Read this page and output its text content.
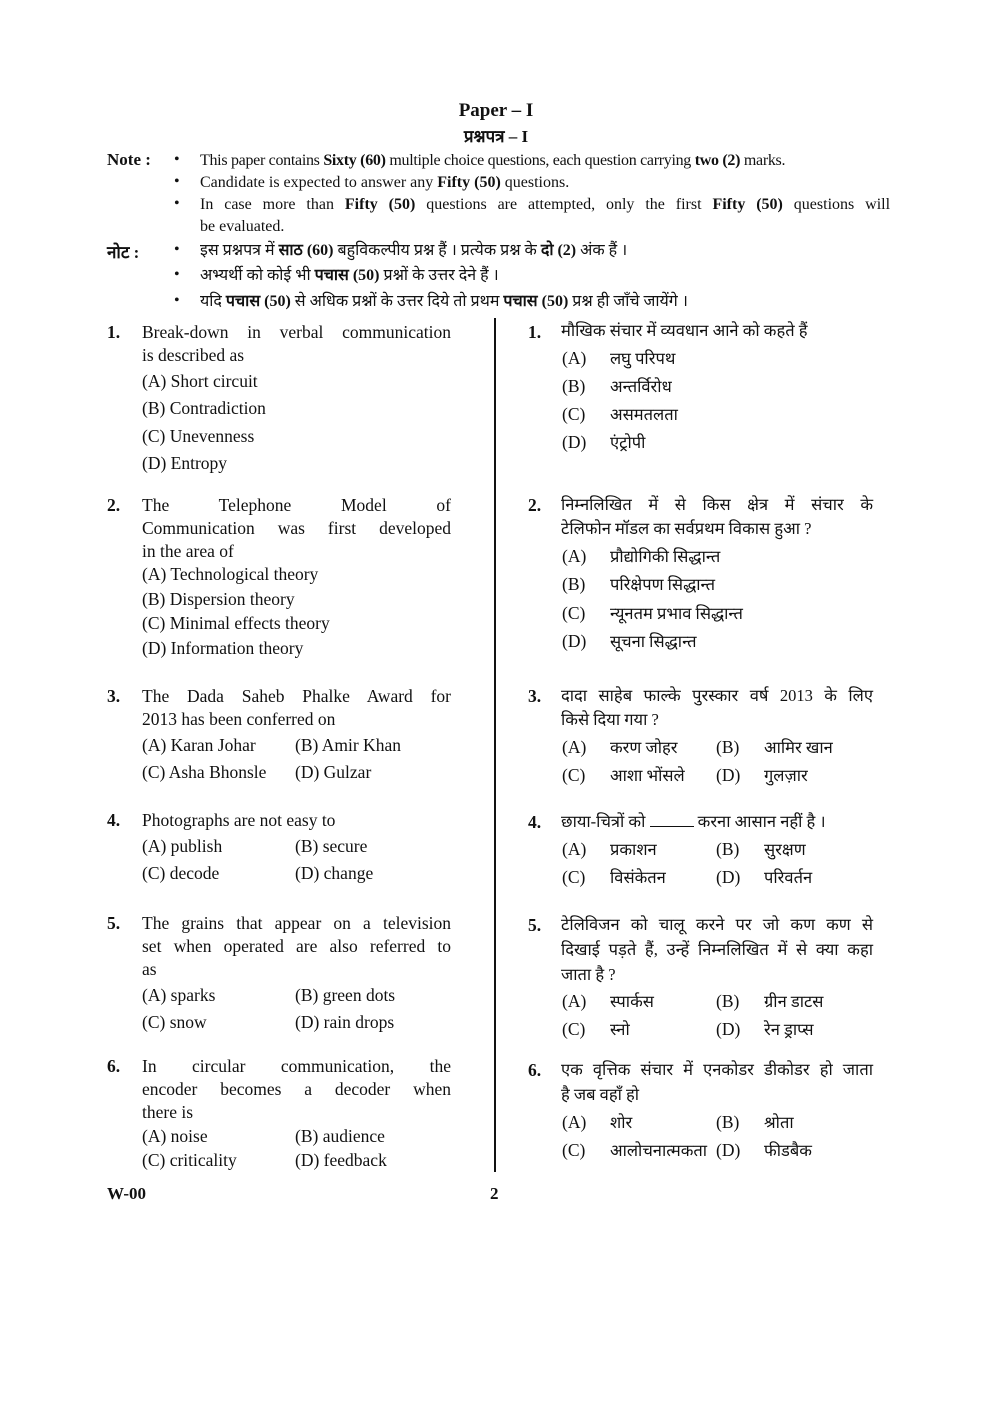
Paper – I
प्रश्नपत्र – I
Note : • This paper contains Sixty (60) multiple choice questions, each question carrying two (2) marks.
• Candidate is expected to answer any Fifty (50) questions.
• In case more than Fifty (50) questions are attempted, only the first Fifty (50) questions will
be evaluated.
नोट : • इस प्रश्नपत्र में साठ (60) बहुविकल्पीय प्रश्न हैं । प्रत्येक प्रश्न के दो (2) अंक हैं ।
• अभ्यर्थी को कोई भी पचास (50) प्रश्नों के उत्तर देने हैं ।
• यदि पचास (50) से अधिक प्रश्नों के उत्तर दिये तो प्रथम पचास (50) प्रश्न ही जाँचे जायेंगे ।
1. Break-down in verbal communication
is described as
(A) Short circuit
(B) Contradiction
(C) Unevenness
(D) Entropy
2. The Telephone Model of
Communication was first developed
in the area of
(A) Technological theory
(B) Dispersion theory
(C) Minimal effects theory
(D) Information theory
3. The Dada Saheb Phalke Award for
2013 has been conferred on
(A) Karan Johar (B) Amir Khan
(C) Asha Bhonsle (D) Gulzar
4. Photographs are not easy to
(A) publish	(B) secure
(C) decode	(D) change
5. The grains that appear on a television
set when operated are also referred to
as
(A) sparks	(B) green dots
(C) snow	(D) rain drops
6. In circular communication, the
encoder becomes a decoder when
there is
(A) noise	(B) audience
(C) criticality	(D) feedback
1. मौखिक संचार में व्यवधान आने को कहते हैं
(A) लघु परिपथ
(B) अन्तर्विरोध
(C) असमतलता
(D) एंट्रोपी
2. निम्नलिखित में से किस क्षेत्र में संचार के
टेलिफोन मॉडल का सर्वप्रथम विकास हुआ ?
(A) प्रौद्योगिकी सिद्धान्त
(B) परिक्षेपण सिद्धान्त
(C) न्यूनतम प्रभाव सिद्धान्त
(D) सूचना सिद्धान्त
3. दादा साहेब फाल्के पुरस्कार वर्ष 2013 के लिए
किसे दिया गया ?
(A) करण जोहर (B) आमिर खान
(C) आशा भोंसले (D) गुलज़ार
4. छाया-चित्रों को	करना आसान नहीं है ।
(A) प्रकाशन	(B) सुरक्षण
(C) विसंकेतन	(D) परिवर्तन
5. टेलिविजन को चालू करने पर जो कण कण से
दिखाई पड़ते हैं, उन्हें निम्नलिखित में से क्या कहा
जाता है ?
(A) स्पार्कस	(B) ग्रीन डाटस
(C) स्नो	(D) रेन ड्राप्स
6. एक वृत्तिक संचार में एनकोडर डीकोडर हो जाता
है जब वहाँ हो
(A) शोर	(B) श्रोता
(C) आलोचनात्मकता (D) फीडबैक
W-00	2
